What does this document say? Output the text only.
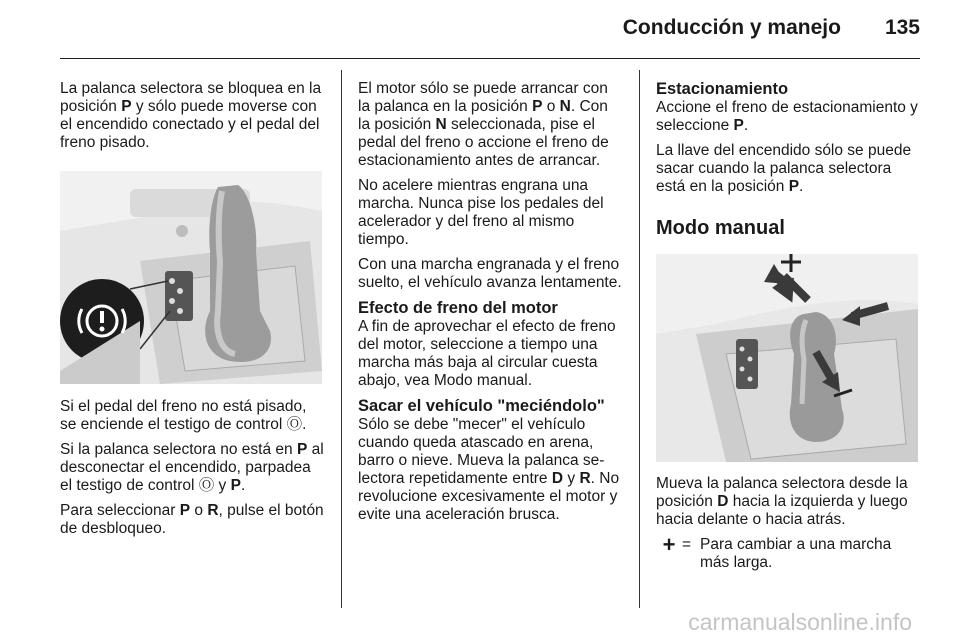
Conducción y manejo 135

La palanca selectora se bloquea en la posición P y sólo puede moverse con el encendido conectado y el pedal del freno pisado.

Si el pedal del freno no está pisado, se enciende el testigo de control Ⓞ.

Si la palanca selectora no está en P al desconectar el encendido, parpadea el testigo de control Ⓞ y P.

Para seleccionar P o R, pulse el botón de desbloqueo.

El motor sólo se puede arrancar con la palanca en la posición P o N. Con la posición N seleccionada, pise el pedal del freno o accione el freno de estacionamiento antes de arrancar.

No acelere mientras engrana una marcha. Nunca pise los pedales del acelerador y del freno al mismo tiempo.

Con una marcha engranada y el freno suelto, el vehículo avanza lentamente.

Efecto de freno del motor

A fin de aprovechar el efecto de freno del motor, seleccione a tiempo una marcha más baja al circular cuesta abajo, vea Modo manual.

Sacar el vehículo "meciéndolo"

Sólo se debe "mecer" el vehículo cuando queda atascado en arena, barro o nieve. Mueva la palanca selectora repetidamente entre D y R. No revolucione excesivamente el motor y evite una aceleración brusca.

Estacionamiento

Accione el freno de estacionamiento y seleccione P.

La llave del encendido sólo se puede sacar cuando la palanca selectora está en la posición P.

Modo manual

Mueva la palanca selectora desde la posición D hacia la izquierda y luego hacia delante o hacia atrás.

+ = Para cambiar a una marcha más larga.
carmanualsonline.info
